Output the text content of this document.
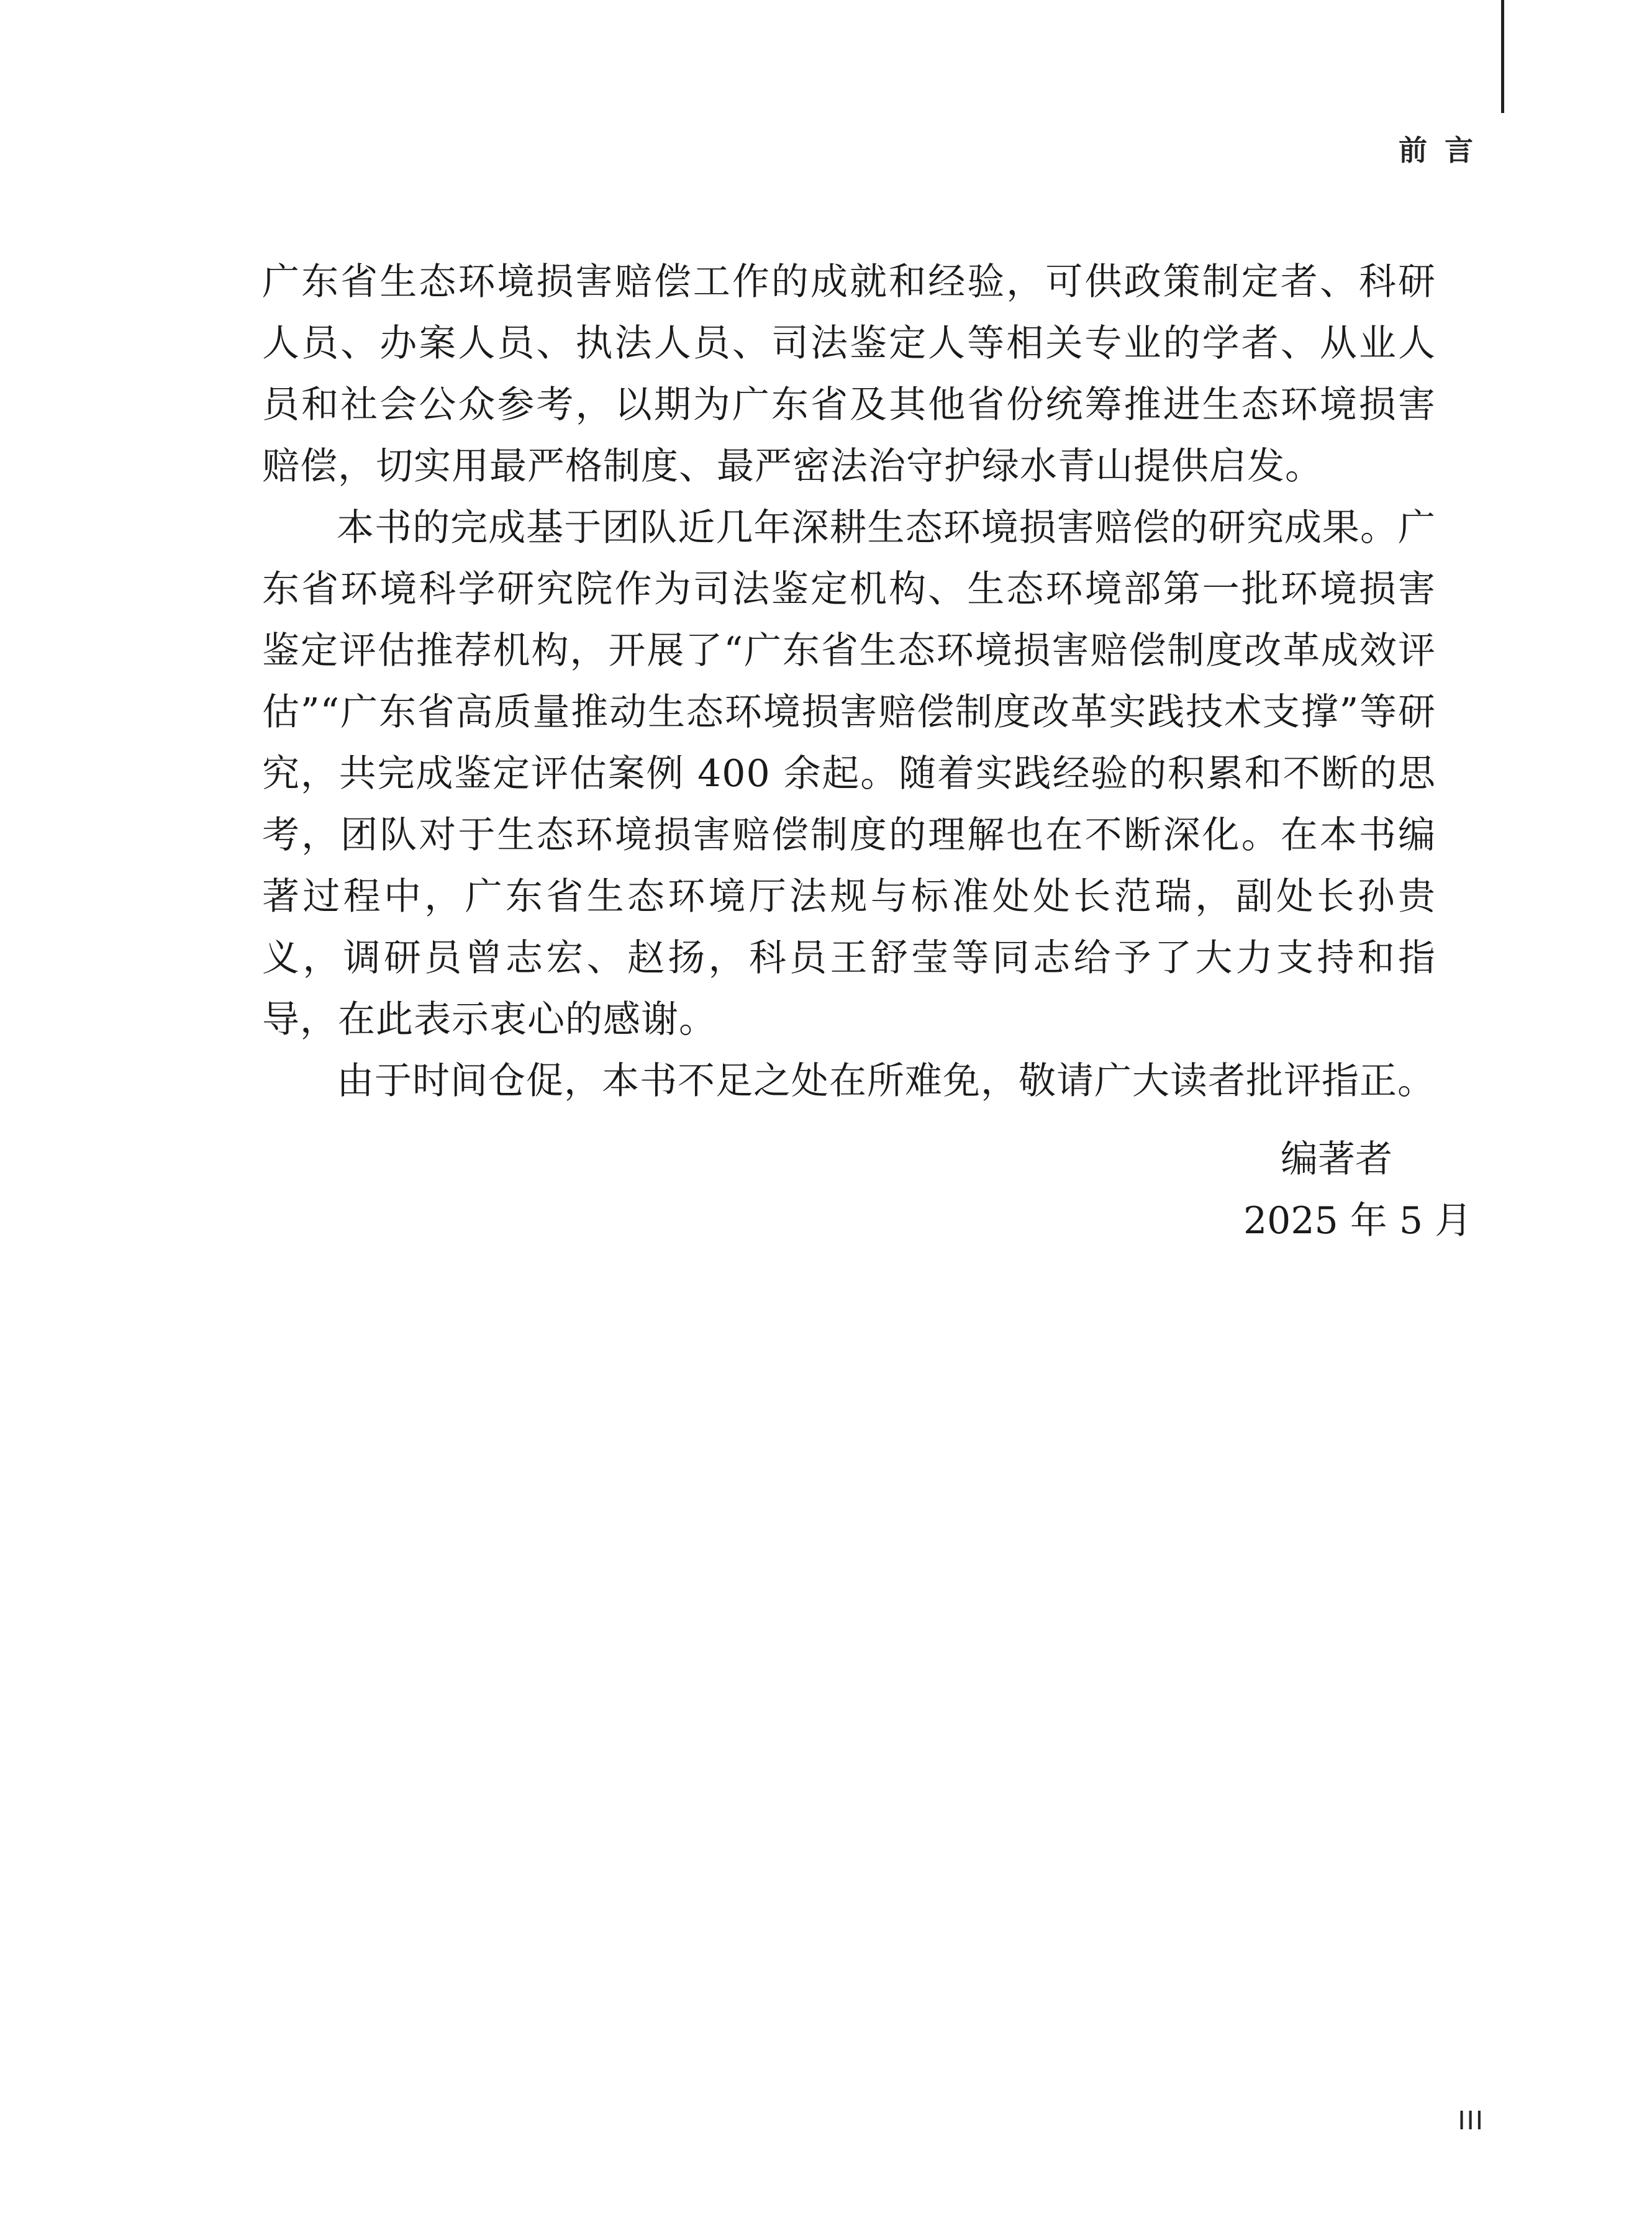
前言

广东省生态环境损害赔偿工作的成就和经验，可供政策制定者、科研人员、办案人员、执法人员、司法鉴定人等相关专业的学者、从业人员和社会公众参考，以期为广东省及其他省份统筹推进生态环境损害赔偿，切实用最严格制度、最严密法治守护绿水青山提供启发。

本书的完成基于团队近几年深耕生态环境损害赔偿的研究成果。广东省环境科学研究院作为司法鉴定机构、生态环境部第一批环境损害鉴定评估推荐机构，开展了“广东省生态环境损害赔偿制度改革成效评估”“广东省高质量推动生态环境损害赔偿制度改革实践技术支撑”等研究，共完成鉴定评估案例 400 余起。随着实践经验的积累和不断的思考，团队对于生态环境损害赔偿制度的理解也在不断深化。在本书编著过程中，广东省生态环境厅法规与标准处处长范瑞，副处长孙贵义，调研员曾志宏、赵扬，科员王舒莹等同志给予了大力支持和指导，在此表示衷心的感谢。

由于时间仓促，本书不足之处在所难免，敬请广大读者批评指正。

编著者
2025 年 5 月
III
